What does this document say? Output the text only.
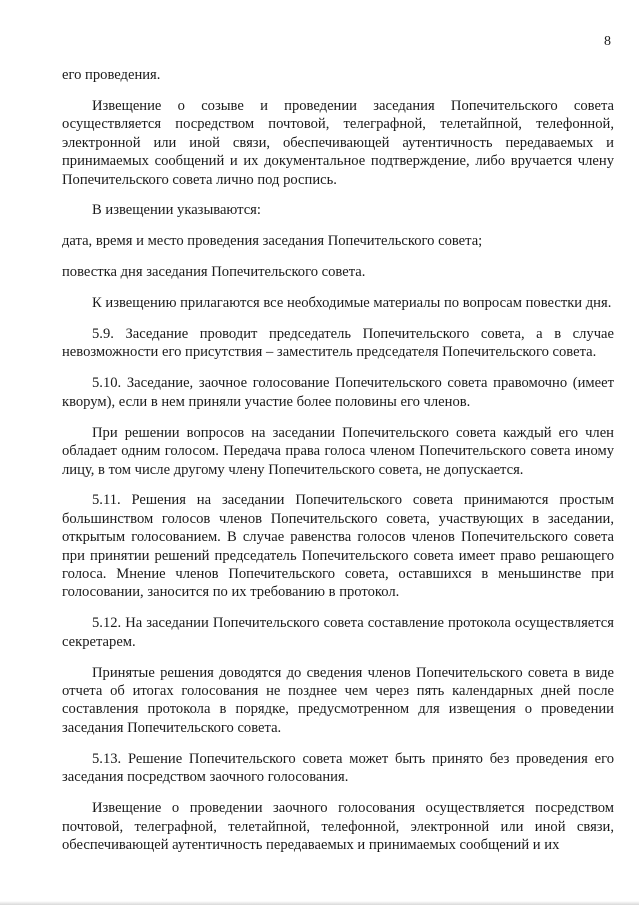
8

его проведения.

Извещение о созыве и проведении заседания Попечительского совета осуществляется посредством почтовой, телеграфной, телетайпной, телефонной, электронной или иной связи, обеспечивающей аутентичность передаваемых и принимаемых сообщений и их документальное подтверждение, либо вручается члену Попечительского совета лично под роспись.

В извещении указываются:

дата, время и место проведения заседания Попечительского совета;

повестка дня заседания Попечительского совета.

К извещению прилагаются все необходимые материалы по вопросам повестки дня.

5.9. Заседание проводит председатель Попечительского совета, а в случае невозможности его присутствия – заместитель председателя Попечительского совета.

5.10. Заседание, заочное голосование Попечительского совета правомочно (имеет кворум), если в нем приняли участие более половины его членов.

При решении вопросов на заседании Попечительского совета каждый его член обладает одним голосом. Передача права голоса членом Попечительского совета иному лицу, в том числе другому члену Попечительского совета, не допускается.

5.11. Решения на заседании Попечительского совета принимаются простым большинством голосов членов Попечительского совета, участвующих в заседании, открытым голосованием. В случае равенства голосов членов Попечительского совета при принятии решений председатель Попечительского совета имеет право решающего голоса. Мнение членов Попечительского совета, оставшихся в меньшинстве при голосовании, заносится по их требованию в протокол.

5.12. На заседании Попечительского совета составление протокола осуществляется секретарем.

Принятые решения доводятся до сведения членов Попечительского совета в виде отчета об итогах голосования не позднее чем через пять календарных дней после составления протокола в порядке, предусмотренном для извещения о проведении заседания Попечительского совета.

5.13. Решение Попечительского совета может быть принято без проведения его заседания посредством заочного голосования.

Извещение о проведении заочного голосования осуществляется посредством почтовой, телеграфной, телетайпной, телефонной, электронной или иной связи, обеспечивающей аутентичность передаваемых и принимаемых сообщений и их
